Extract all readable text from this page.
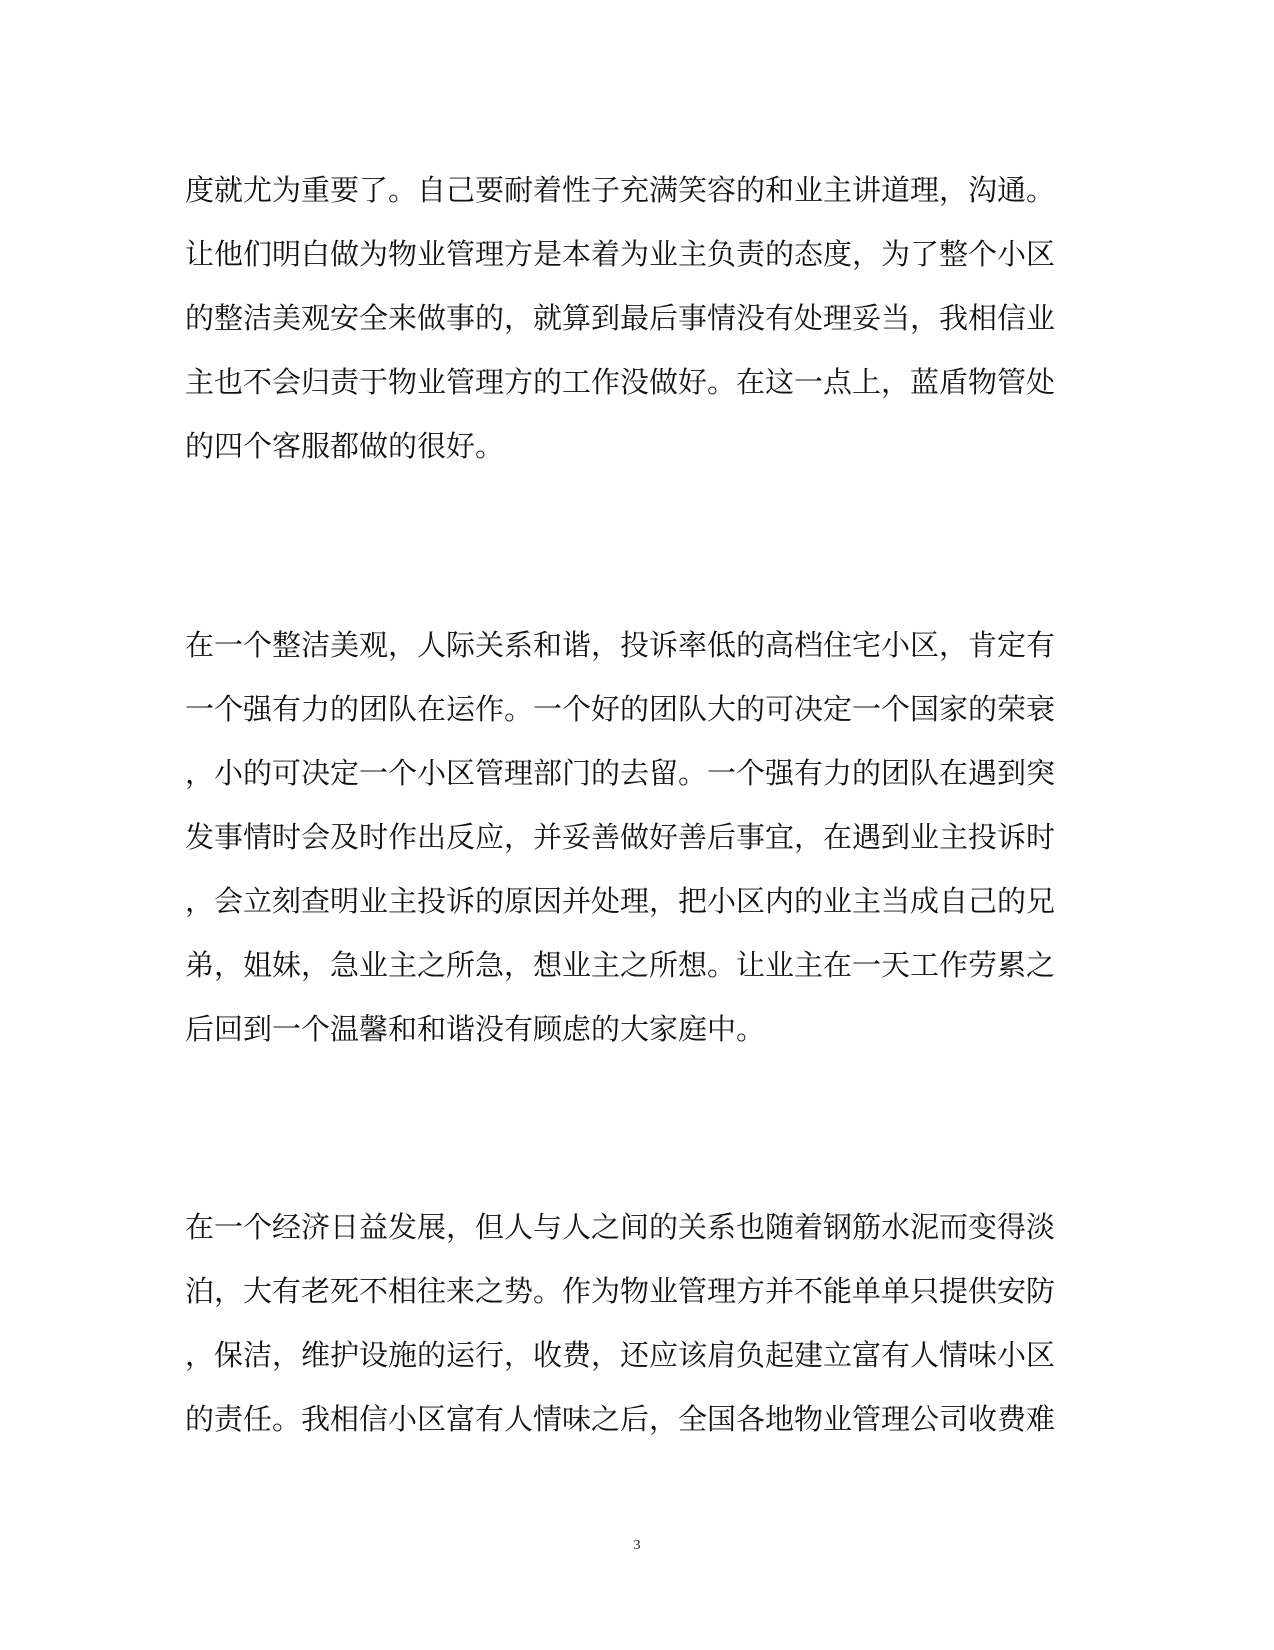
度就尤为重要了。自己要耐着性子充满笑容的和业主讲道理，沟通。
让他们明白做为物业管理方是本着为业主负责的态度，为了整个小区
的整洁美观安全来做事的，就算到最后事情没有处理妥当，我相信业
主也不会归责于物业管理方的工作没做好。在这一点上，蓝盾物管处
的四个客服都做的很好。
在一个整洁美观，人际关系和谐，投诉率低的高档住宅小区，肯定有
一个强有力的团队在运作。一个好的团队大的可决定一个国家的荣衰
，小的可决定一个小区管理部门的去留。一个强有力的团队在遇到突
发事情时会及时作出反应，并妥善做好善后事宜，在遇到业主投诉时
，会立刻查明业主投诉的原因并处理，把小区内的业主当成自己的兄
弟，姐妹，急业主之所急，想业主之所想。让业主在一天工作劳累之
后回到一个温馨和和谐没有顾虑的大家庭中。
在一个经济日益发展，但人与人之间的关系也随着钢筋水泥而变得淡
泊，大有老死不相往来之势。作为物业管理方并不能单单只提供安防
，保洁，维护设施的运行，收费，还应该肩负起建立富有人情味小区
的责任。我相信小区富有人情味之后，全国各地物业管理公司收费难
3
